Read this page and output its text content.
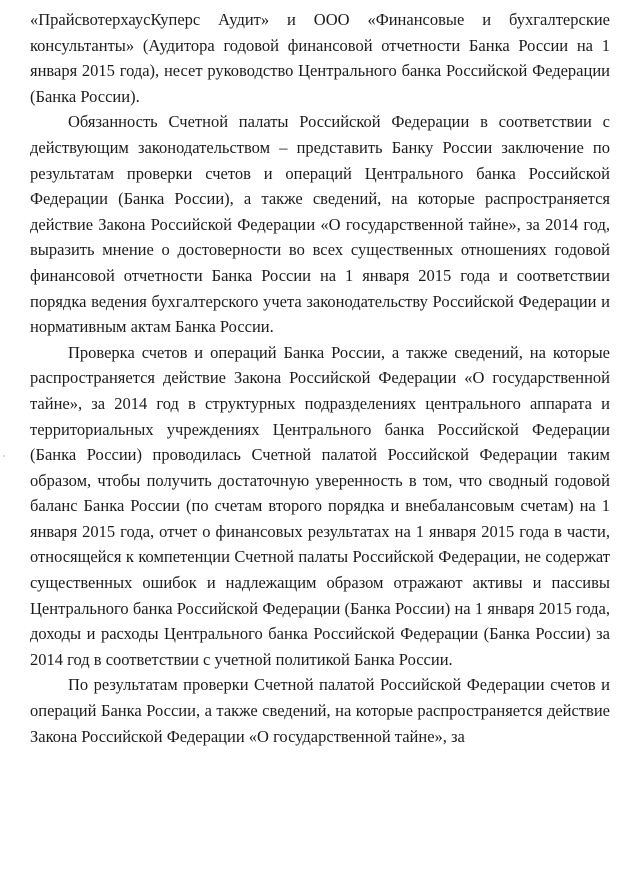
«ПрайсвотерхаусКуперс Аудит» и ООО «Финансовые и бухгалтерские консультанты» (Аудитора годовой финансовой отчетности Банка России на 1 января 2015 года), несет руководство Центрального банка Российской Федерации (Банка России).

Обязанность Счетной палаты Российской Федерации в соответствии с действующим законодательством – представить Банку России заключение по результатам проверки счетов и операций Центрального банка Российской Федерации (Банка России), а также сведений, на которые распространяется действие Закона Российской Федерации «О государственной тайне», за 2014 год, выразить мнение о достоверности во всех существенных отношениях годовой финансовой отчетности Банка России на 1 января 2015 года и соответствии порядка ведения бухгалтерского учета законодательству Российской Федерации и нормативным актам Банка России.

Проверка счетов и операций Банка России, а также сведений, на которые распространяется действие Закона Российской Федерации «О государственной тайне», за 2014 год в структурных подразделениях центрального аппарата и территориальных учреждениях Центрального банка Российской Федерации (Банка России) проводилась Счетной палатой Российской Федерации таким образом, чтобы получить достаточную уверенность в том, что сводный годовой баланс Банка России (по счетам второго порядка и внебалансовым счетам) на 1 января 2015 года, отчет о финансовых результатах на 1 января 2015 года в части, относящейся к компетенции Счетной палаты Российской Федерации, не содержат существенных ошибок и надлежащим образом отражают активы и пассивы Центрального банка Российской Федерации (Банка России) на 1 января 2015 года, доходы и расходы Центрального банка Российской Федерации (Банка России) за 2014 год в соответствии с учетной политикой Банка России.

По результатам проверки Счетной палатой Российской Федерации счетов и операций Банка России, а также сведений, на которые распространяется действие Закона Российской Федерации «О государственной тайне», за
